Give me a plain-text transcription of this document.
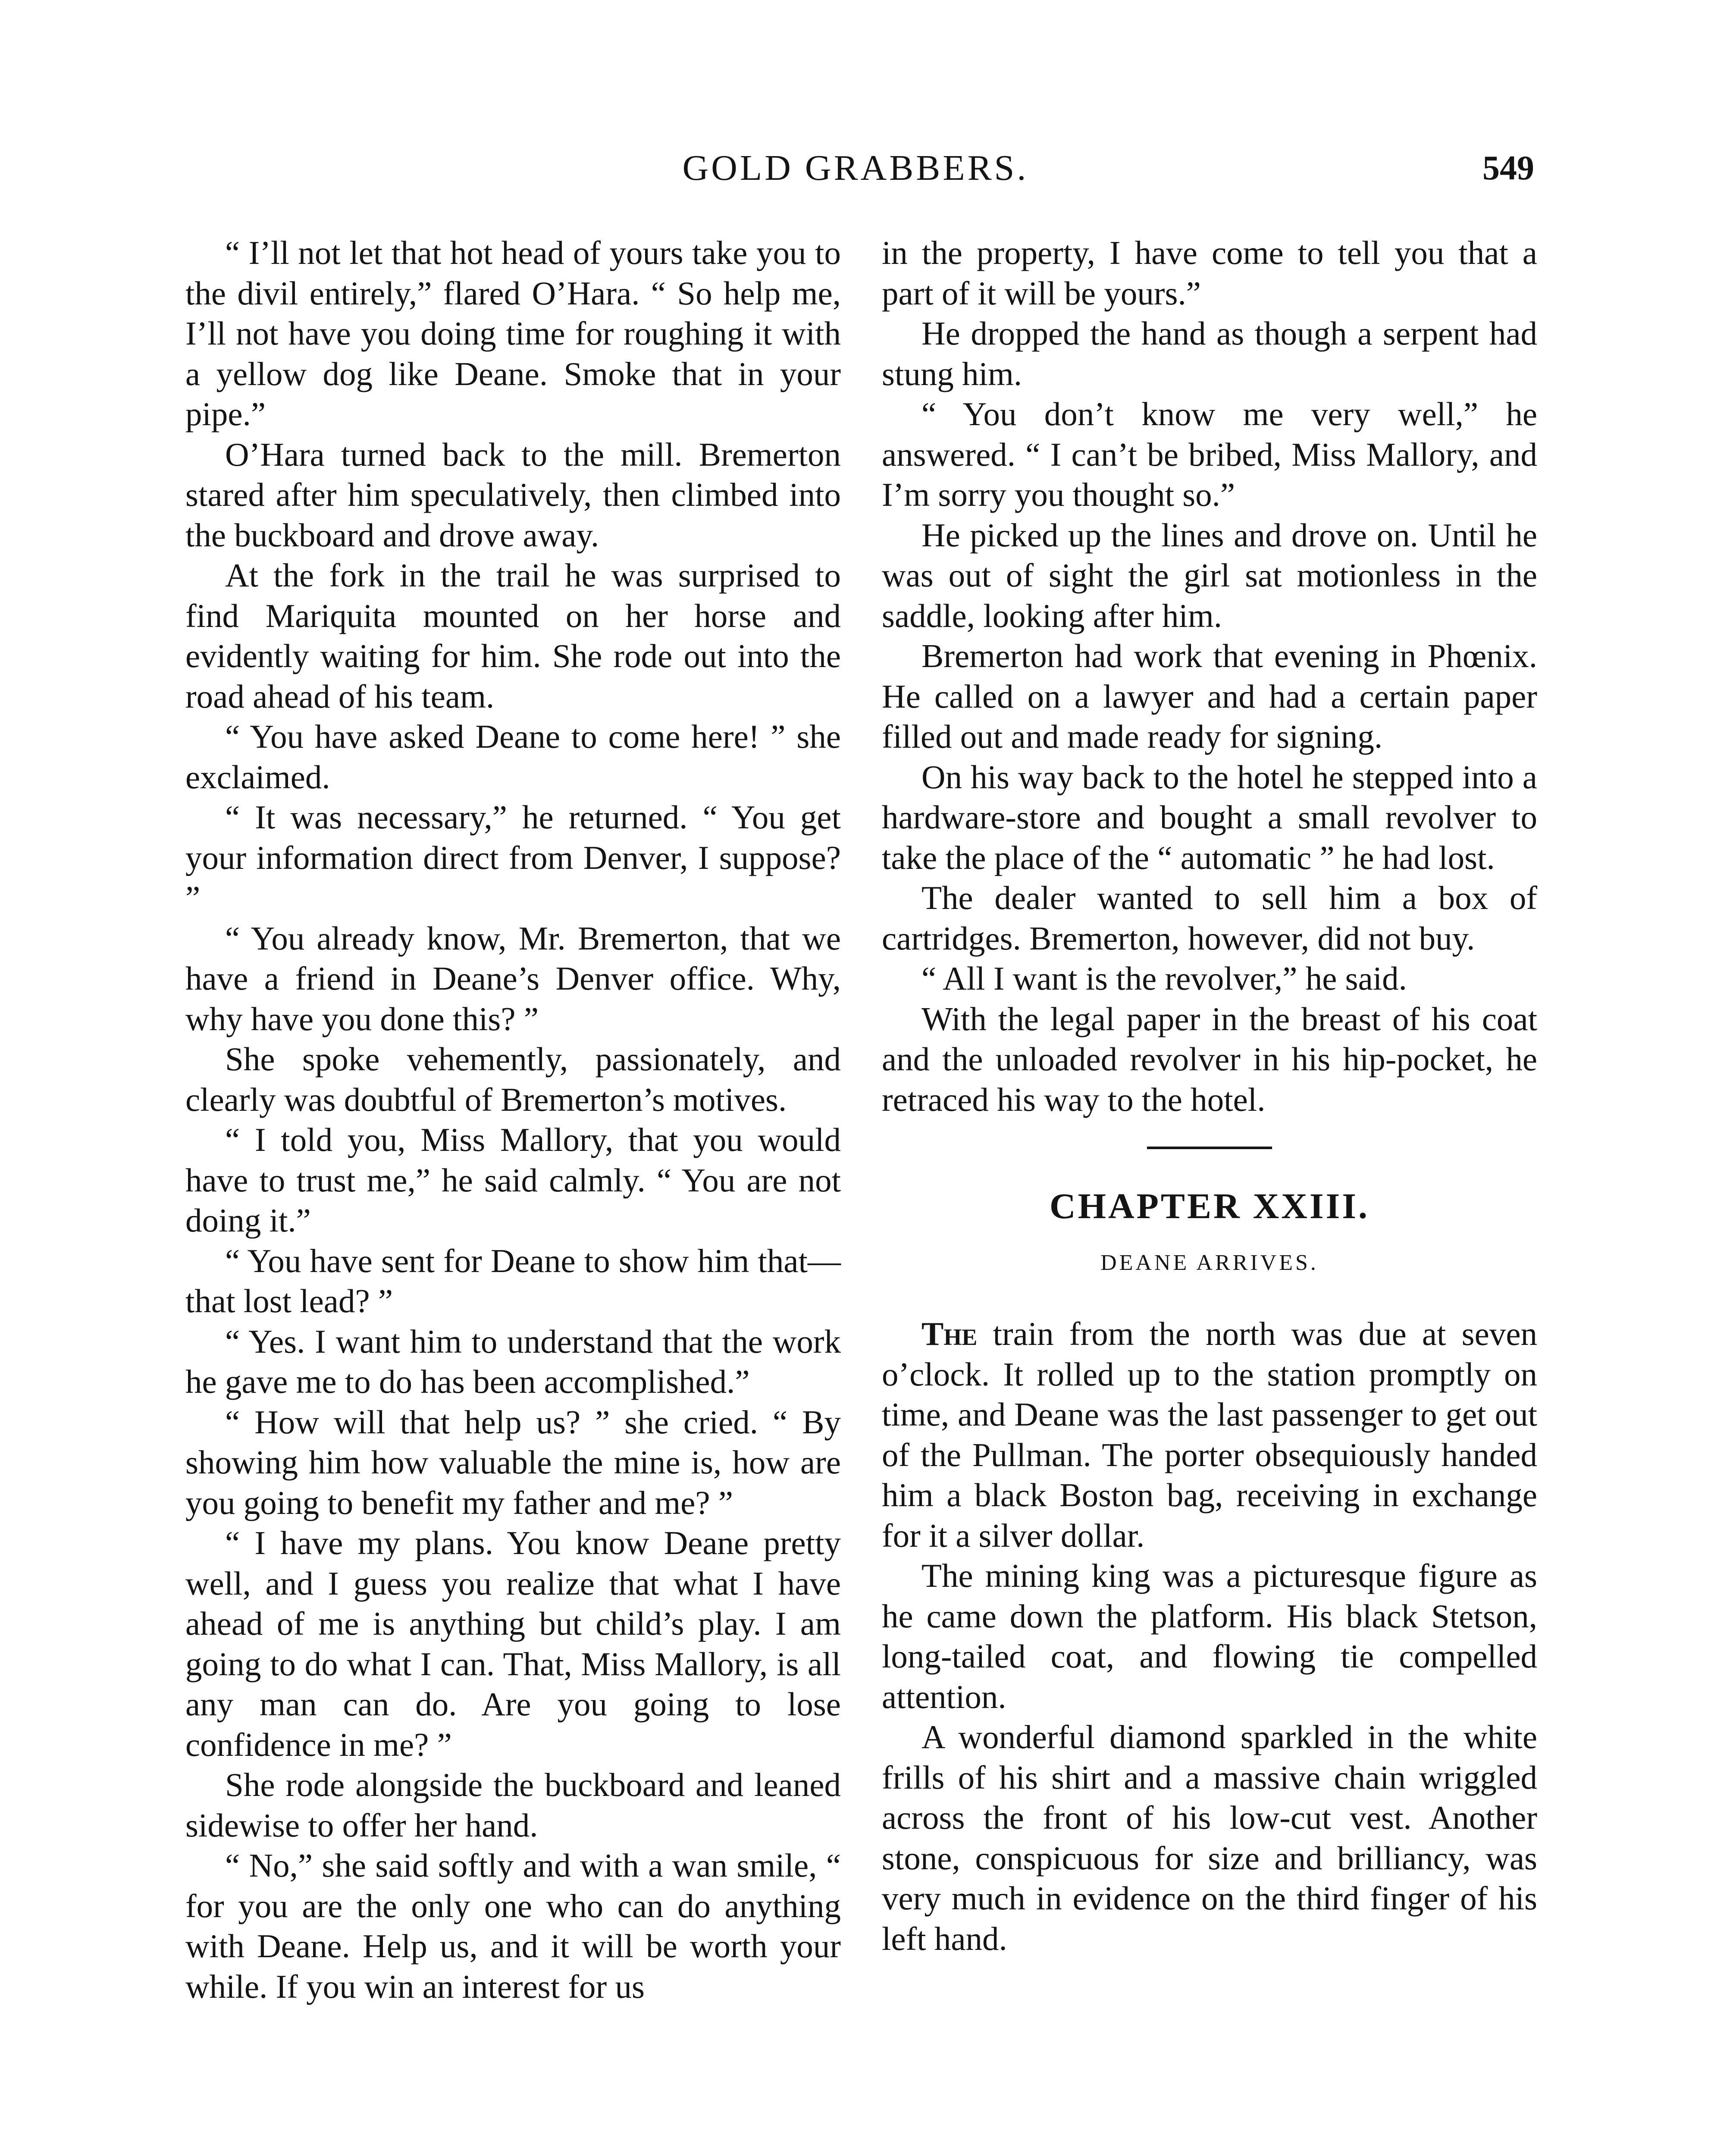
GOLD GRABBERS.	549

“ I’ll not let that hot head of yours take you to the divil entirely,” flared O’Hara. “ So help me, I’ll not have you doing time for roughing it with a yellow dog like Deane. Smoke that in your pipe.”

O’Hara turned back to the mill. Bremerton stared after him speculatively, then climbed into the buckboard and drove away.

At the fork in the trail he was surprised to find Mariquita mounted on her horse and evidently waiting for him. She rode out into the road ahead of his team.

“ You have asked Deane to come here! ” she exclaimed.

“ It was necessary,” he returned. “ You get your information direct from Denver, I suppose? ”

“ You already know, Mr. Bremerton, that we have a friend in Deane’s Denver office. Why, why have you done this? ”

She spoke vehemently, passionately, and clearly was doubtful of Bremerton’s motives.

“ I told you, Miss Mallory, that you would have to trust me,” he said calmly. “ You are not doing it.”

“ You have sent for Deane to show him that—that lost lead? ”

“ Yes. I want him to understand that the work he gave me to do has been accomplished.”

“ How will that help us? ” she cried. “ By showing him how valuable the mine is, how are you going to benefit my father and me? ”

“ I have my plans. You know Deane pretty well, and I guess you realize that what I have ahead of me is anything but child’s play. I am going to do what I can. That, Miss Mallory, is all any man can do. Are you going to lose confidence in me? ”

She rode alongside the buckboard and leaned sidewise to offer her hand.

“ No,” she said softly and with a wan smile, “ for you are the only one who can do anything with Deane. Help us, and it will be worth your while. If you win an interest for us

in the property, I have come to tell you that a part of it will be yours.”

He dropped the hand as though a serpent had stung him.

“ You don’t know me very well,” he answered. “ I can’t be bribed, Miss Mallory, and I’m sorry you thought so.”

He picked up the lines and drove on. Until he was out of sight the girl sat motionless in the saddle, looking after him.

Bremerton had work that evening in Phœnix. He called on a lawyer and had a certain paper filled out and made ready for signing.

On his way back to the hotel he stepped into a hardware-store and bought a small revolver to take the place of the “ automatic ” he had lost.

The dealer wanted to sell him a box of cartridges. Bremerton, however, did not buy.

“ All I want is the revolver,” he said.

With the legal paper in the breast of his coat and the unloaded revolver in his hip-pocket, he retraced his way to the hotel.

CHAPTER XXIII.
DEANE ARRIVES.

The train from the north was due at seven o’clock. It rolled up to the station promptly on time, and Deane was the last passenger to get out of the Pullman. The porter obsequiously handed him a black Boston bag, receiving in exchange for it a silver dollar.

The mining king was a picturesque figure as he came down the platform. His black Stetson, long-tailed coat, and flowing tie compelled attention.

A wonderful diamond sparkled in the white frills of his shirt and a massive chain wriggled across the front of his low-cut vest. Another stone, conspicuous for size and brilliancy, was very much in evidence on the third finger of his left hand.
